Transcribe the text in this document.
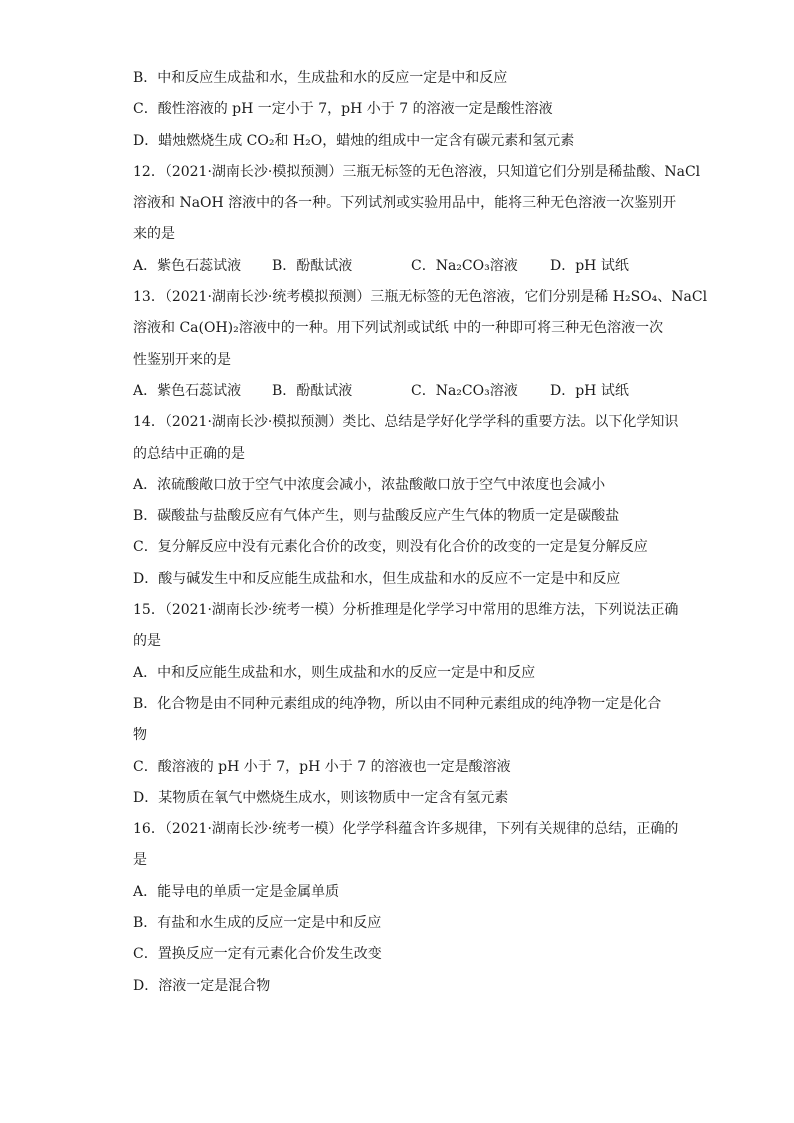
B．中和反应生成盐和水，生成盐和水的反应一定是中和反应
C．酸性溶液的 pH 一定小于 7，pH 小于 7 的溶液一定是酸性溶液
D．蜡烛燃烧生成 CO₂和 H₂O，蜡烛的组成中一定含有碳元素和氢元素
12．（2021·湖南长沙·模拟预测）三瓶无标签的无色溶液，只知道它们分别是稀盐酸、NaCl
溶液和 NaOH 溶液中的各一种。下列试剂或实验用品中，能将三种无色溶液一次鉴别开
来的是
A．紫色石蕊试液	B．酚酞试液	C．Na₂CO₃溶液	D．pH 试纸
13．（2021·湖南长沙·统考模拟预测）三瓶无标签的无色溶液，它们分别是稀 H₂SO₄、NaCl
溶液和 Ca(OH)₂溶液中的一种。用下列试剂或试纸 中的一种即可将三种无色溶液一次
性鉴别开来的是
A．紫色石蕊试液	B．酚酞试液	C．Na₂CO₃溶液	D．pH 试纸
14．（2021·湖南长沙·模拟预测）类比、总结是学好化学学科的重要方法。以下化学知识
的总结中正确的是
A．浓硫酸敞口放于空气中浓度会减小，浓盐酸敞口放于空气中浓度也会减小
B．碳酸盐与盐酸反应有气体产生，则与盐酸反应产生气体的物质一定是碳酸盐
C．复分解反应中没有元素化合价的改变，则没有化合价的改变的一定是复分解反应
D．酸与碱发生中和反应能生成盐和水，但生成盐和水的反应不一定是中和反应
15．（2021·湖南长沙·统考一模）分析推理是化学学习中常用的思维方法，下列说法正确
的是
A．中和反应能生成盐和水，则生成盐和水的反应一定是中和反应
B．化合物是由不同种元素组成的纯净物，所以由不同种元素组成的纯净物一定是化合
物
C．酸溶液的 pH 小于 7，pH 小于 7 的溶液也一定是酸溶液
D．某物质在氧气中燃烧生成水，则该物质中一定含有氢元素
16．（2021·湖南长沙·统考一模）化学学科蕴含许多规律，下列有关规律的总结，正确的
是
A．能导电的单质一定是金属单质
B．有盐和水生成的反应一定是中和反应
C．置换反应一定有元素化合价发生改变
D．溶液一定是混合物
